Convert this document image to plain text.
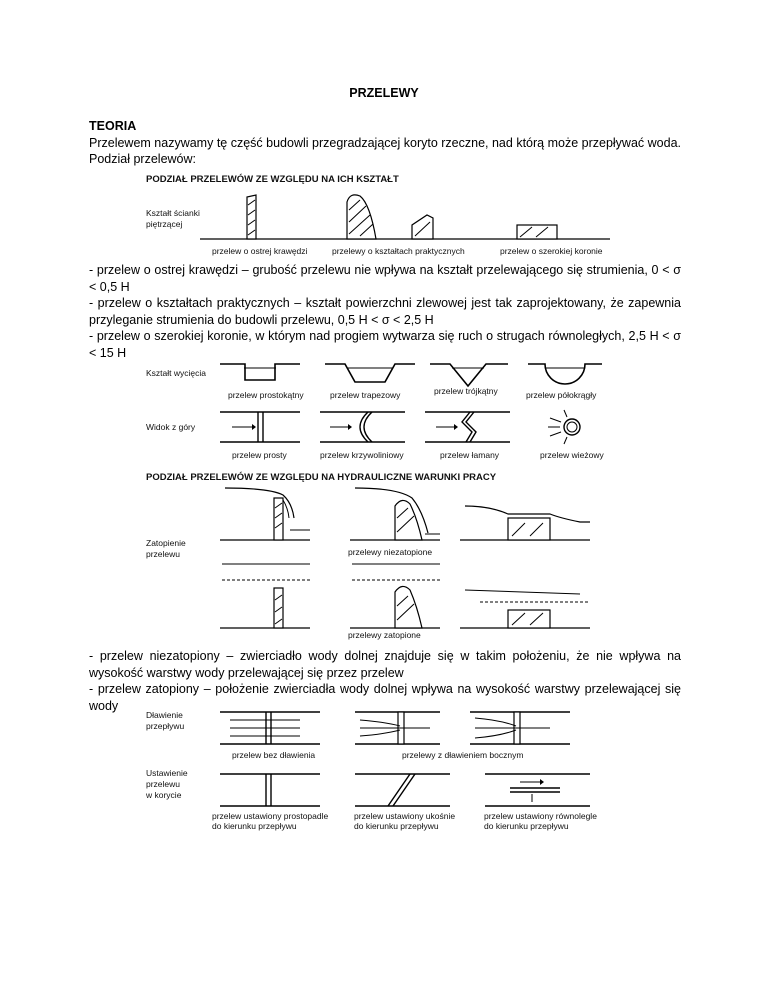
PRZELEWY

TEORIA

Przelewem nazywamy tę część budowli przegradzającej koryto rzeczne, nad którą może przepływać woda. Podział przelewów:

PODZIAŁ PRZELEWÓW ZE WZGLĘDU NA ICH KSZTAŁT
Kształt ścianki
piętrzącej
przelew o ostrej krawędzi	przelewy o kształtach praktycznych	przelew o szerokiej koronie

- przelew o ostrej krawędzi – grubość przelewu nie wpływa na kształt przelewającego się strumienia, 0 < σ < 0,5 H

- przelew o kształtach praktycznych – kształt powierzchni zlewowej jest tak zaprojektowany, że zapewnia przyleganie strumienia do budowli przelewu, 0,5 H < σ < 2,5 H

- przelew o szerokiej koronie, w którym nad progiem wytwarza się ruch o strugach równoległych, 2,5 H < σ < 15 H

Kształt wycięcia
przelew prostokątny	przelew trapezowy	przelew trójkątny	przelew półokrągły
Widok z góry
przelew prosty	przelew krzywoliniowy	przelew łamany	przelew wieżowy
PODZIAŁ PRZELEWÓW ZE WZGLĘDU NA HYDRAULICZNE WARUNKI PRACY
Zatopienie
przelewu	przelewy niezatopione
przelewy zatopione

- przelew niezatopiony – zwierciadło wody dolnej znajduje się w takim położeniu, że nie wpływa na wysokość warstwy wody przelewającej się przez przelew

- przelew zatopiony – położenie zwierciadła wody dolnej wpływa na wysokość warstwy przelewającej się wody

Dławienie
przepływu
przelew bez dławienia	przelewy z dławieniem bocznym
Ustawienie
przelewu
w korycie
przelew ustawiony prostopadle
do kierunku przepływu
przelew ustawiony ukośnie
do kierunku przepływu
przelew ustawiony równolegle
do kierunku przepływu
